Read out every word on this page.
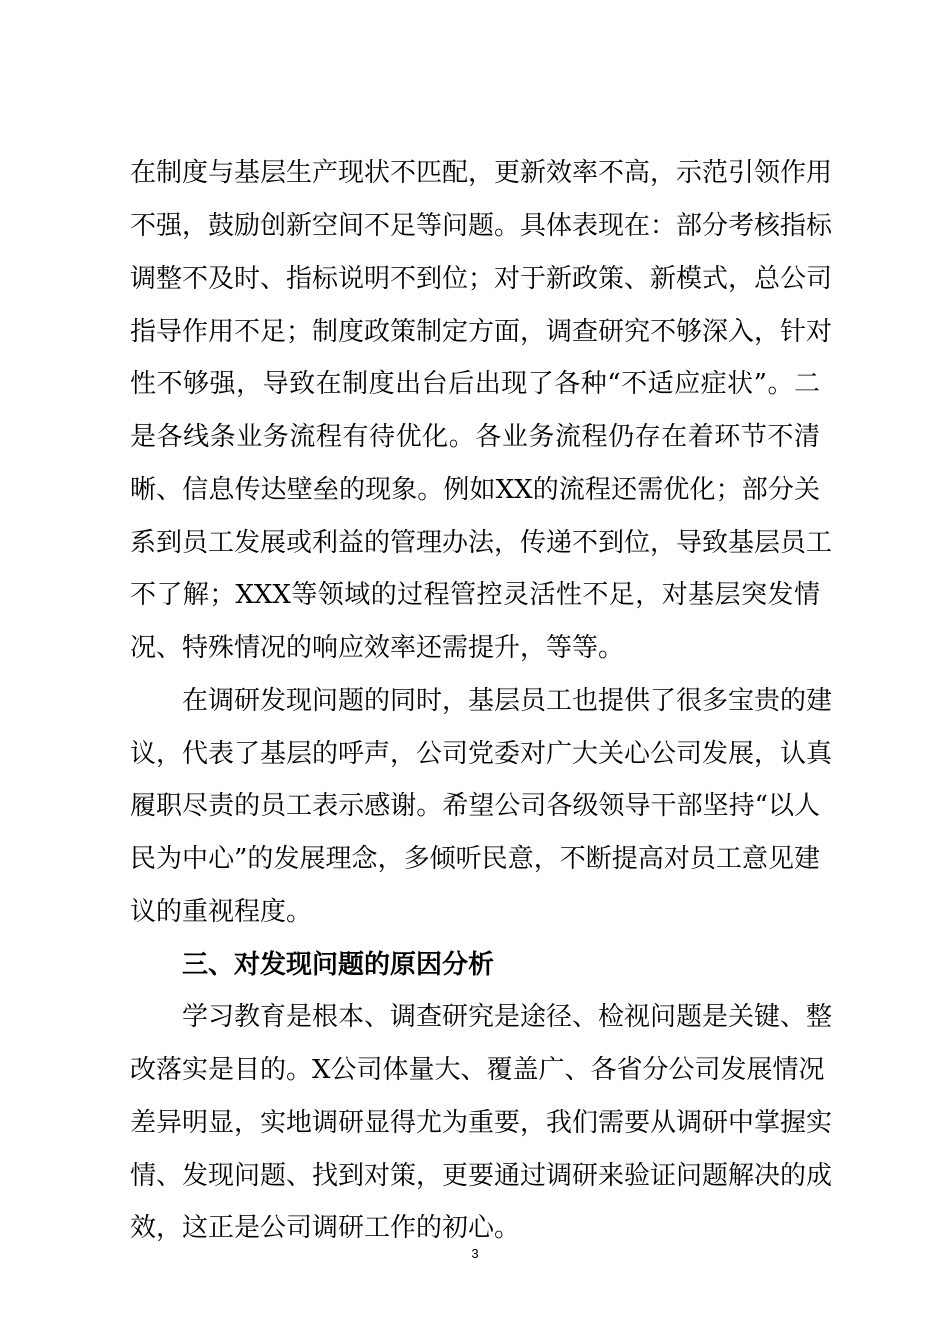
在制度与基层生产现状不匹配，更新效率不高，示范引领作用
不强，鼓励创新空间不足等问题。具体表现在：部分考核指标
调整不及时、指标说明不到位；对于新政策、新模式，总公司
指导作用不足；制度政策制定方面，调查研究不够深入，针对
性不够强，导致在制度出台后出现了各种“不适应症状”。二
是各线条业务流程有待优化。各业务流程仍存在着环节不清
晰、信息传达壁垒的现象。例如XX的流程还需优化；部分关
系到员工发展或利益的管理办法，传递不到位，导致基层员工
不了解；XXX等领域的过程管控灵活性不足，对基层突发情
况、特殊情况的响应效率还需提升，等等。
在调研发现问题的同时，基层员工也提供了很多宝贵的建
议，代表了基层的呼声，公司党委对广大关心公司发展，认真
履职尽责的员工表示感谢。希望公司各级领导干部坚持“以人
民为中心”的发展理念，多倾听民意，不断提高对员工意见建
议的重视程度。
三、对发现问题的原因分析
学习教育是根本、调查研究是途径、检视问题是关键、整
改落实是目的。X公司体量大、覆盖广、各省分公司发展情况
差异明显，实地调研显得尤为重要，我们需要从调研中掌握实
情、发现问题、找到对策，更要通过调研来验证问题解决的成
效，这正是公司调研工作的初心。
3
